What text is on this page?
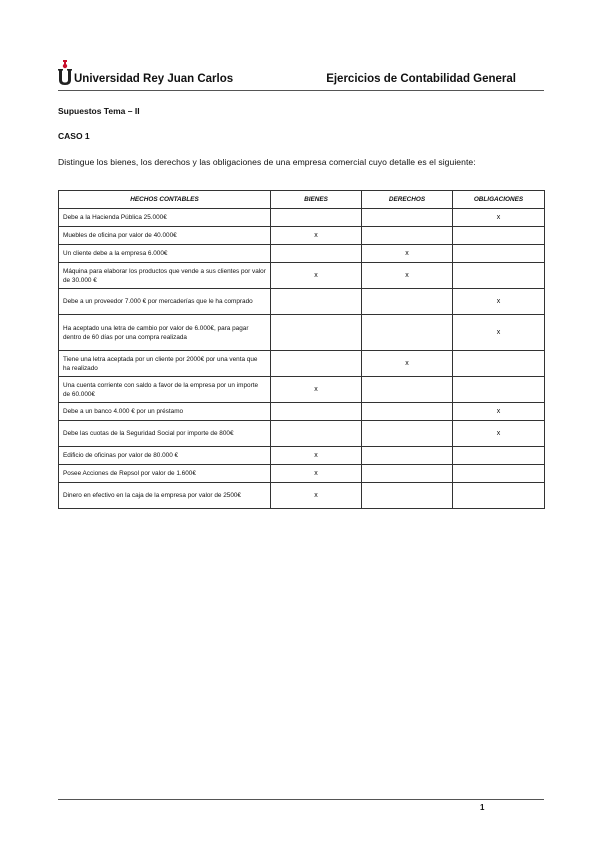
Universidad Rey Juan Carlos	Ejercicios de Contabilidad General
Supuestos Tema – II
CASO 1
Distingue los bienes, los derechos y las obligaciones de una empresa comercial cuyo detalle es el siguiente:
HECHOS CONTABLES	BIENES	DERECHOS	OBLIGACIONES
Debe a la Hacienda Pública 25.000€			x
Muebles de oficina por valor de 40.000€	x		
Un cliente debe a la empresa 6.000€		x	
Máquina para elaborar los productos que vende a sus clientes por valor de 30.000 €	x	x	
Debe a un proveedor 7.000 € por mercaderías que le ha comprado			x
Ha aceptado una letra de cambio por valor de 6.000€, para pagar dentro de 60 días por una compra realizada			x
Tiene una letra aceptada por un cliente por 2000€ por una venta que ha realizado		x	
Una cuenta corriente con saldo a favor de la empresa por un importe de 60.000€	x		
Debe a un banco 4.000 € por un préstamo			x
Debe las cuotas de la Seguridad Social por importe de 800€			x
Edificio de oficinas por valor de 80.000 €	x		
Posee Acciones de Repsol por valor de 1.600€	x		
Dinero en efectivo en la caja de la empresa por valor de 2500€	x		
1
